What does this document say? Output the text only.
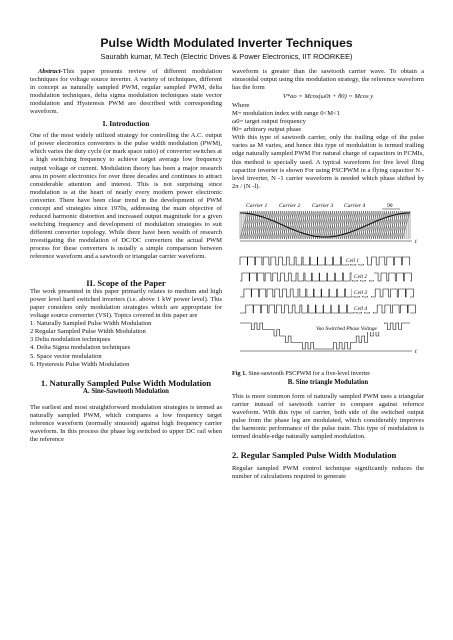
Pulse Width Modulated Inverter Techniques
Saurabh kumar, M.Tech (Electric Drives & Power Electronics, IIT ROORKEE)

Abstract-This paper presents review of different modulation techniques for voltage source inverter. A variety of techniques, different in concept as naturally sampled PWM, regular sampled PWM, delta modulation techniques, delta sigma modulation techniques state vector modulation and Hysteresis PWM are described with corresponding waveform.

I. Introduction

One of the most widely utilized strategy for controlling the A.C. output of power electronics converters is the pulse width modulation (PWM), which varies the duty cycle (or mark space ratio) of converter switches at a high switching frequency to achieve target average low frequency output voltage or current. Modulation theory has been a major research area in power electronics for over three decades and continues to attract considerable attention and interest. This is not surprising since modulation is at the heart of nearly every modern power electronic converter. There have been clear trend in the development of PWM concept and strategies since 1970s, addressing the main objective of reduced harmonic distortion and increased output magnitude for a given switching frequency and development of modulation strategies to suit different converter topology. While there have been wealth of research investigating the modulation of DC/DC converters the actual PWM process for these converters is usually a simple comparison between reference waveform and a sawtooth or triangular carrier waveform.

II. Scope of the Paper

The work presented in this paper primarily relates to medium and high power level hard switched inverters (i.e. above 1 kW power level). This paper considers only modulation strategies which are appropriate for voltage source converter (VSI). Topics covered in this paper are

1. Naturally Sampled Pulse Width Modulation
2 Regular Sampled Pulse Width Modulation
3 Delta modulation techniques
4. Delta Sigma modulation techniques
5. Space vector modulation
6. Hysteresis Pulse Width Modulation
1. Naturally Sampled Pulse Width Modulation
A. Sine-Sawtooth Modulation

The earliest and most straightforward modulation strategies is termed as naturally sampled PWM, which compares a low frequency target reference waveform (normally sinusoid) against high frequency carrier waveform. In this process the phase leg switched to upper DC rail when the reference

waveform is greater than the sawtooth carrier wave. To obtain a sinusoidal output using this modulation strategy, the reference waveform has the form

V*ao = Mcos(ω0t + θ0) = Mcos y
Where
M= modulation index with range 0<M<1
ω0= target output frequency
θ0= arbitrary output phase

With this type of sawtooth carrier, only the trailing edge of the pulse varies as M varies, and hence this type of modulation is termed trailing edge naturally sampled PWM For natural charge of capacitors in FCMIs, this method is specially used. A typical waveform for five level fling capacitor inverter is shown For using PSCPWM in a flying capacitor N -level inverter, N -1 carrier waveform is needed which phase shifted by 2π / (N -l).

Carrier 1 Carrier 2 Carrier 3 Carrier 4	90
t
Cell 1
Cell 2
Cell 3
Cell 4
Vao Switched Phase Voltage
t
Fig 1. Sine-sawtooth PSCPWM for a five-level inverter
B. Sine triangle Modulation

This is more common form of naturally sampled PWM uses a triangular carrier instead of sawtooth carrier to compare against refernce waveform. With this type of carrier, both side of the switched output pulse from the phase leg are modulated, which considerably improves the harmonic performance of the pulse train. This type of modulation is termed double-edge naturally sampled modulation.

2. Regular Sampled Pulse Width Modulation

Regular sampled PWM control technique significantly reduces the number of calculations required to generate
